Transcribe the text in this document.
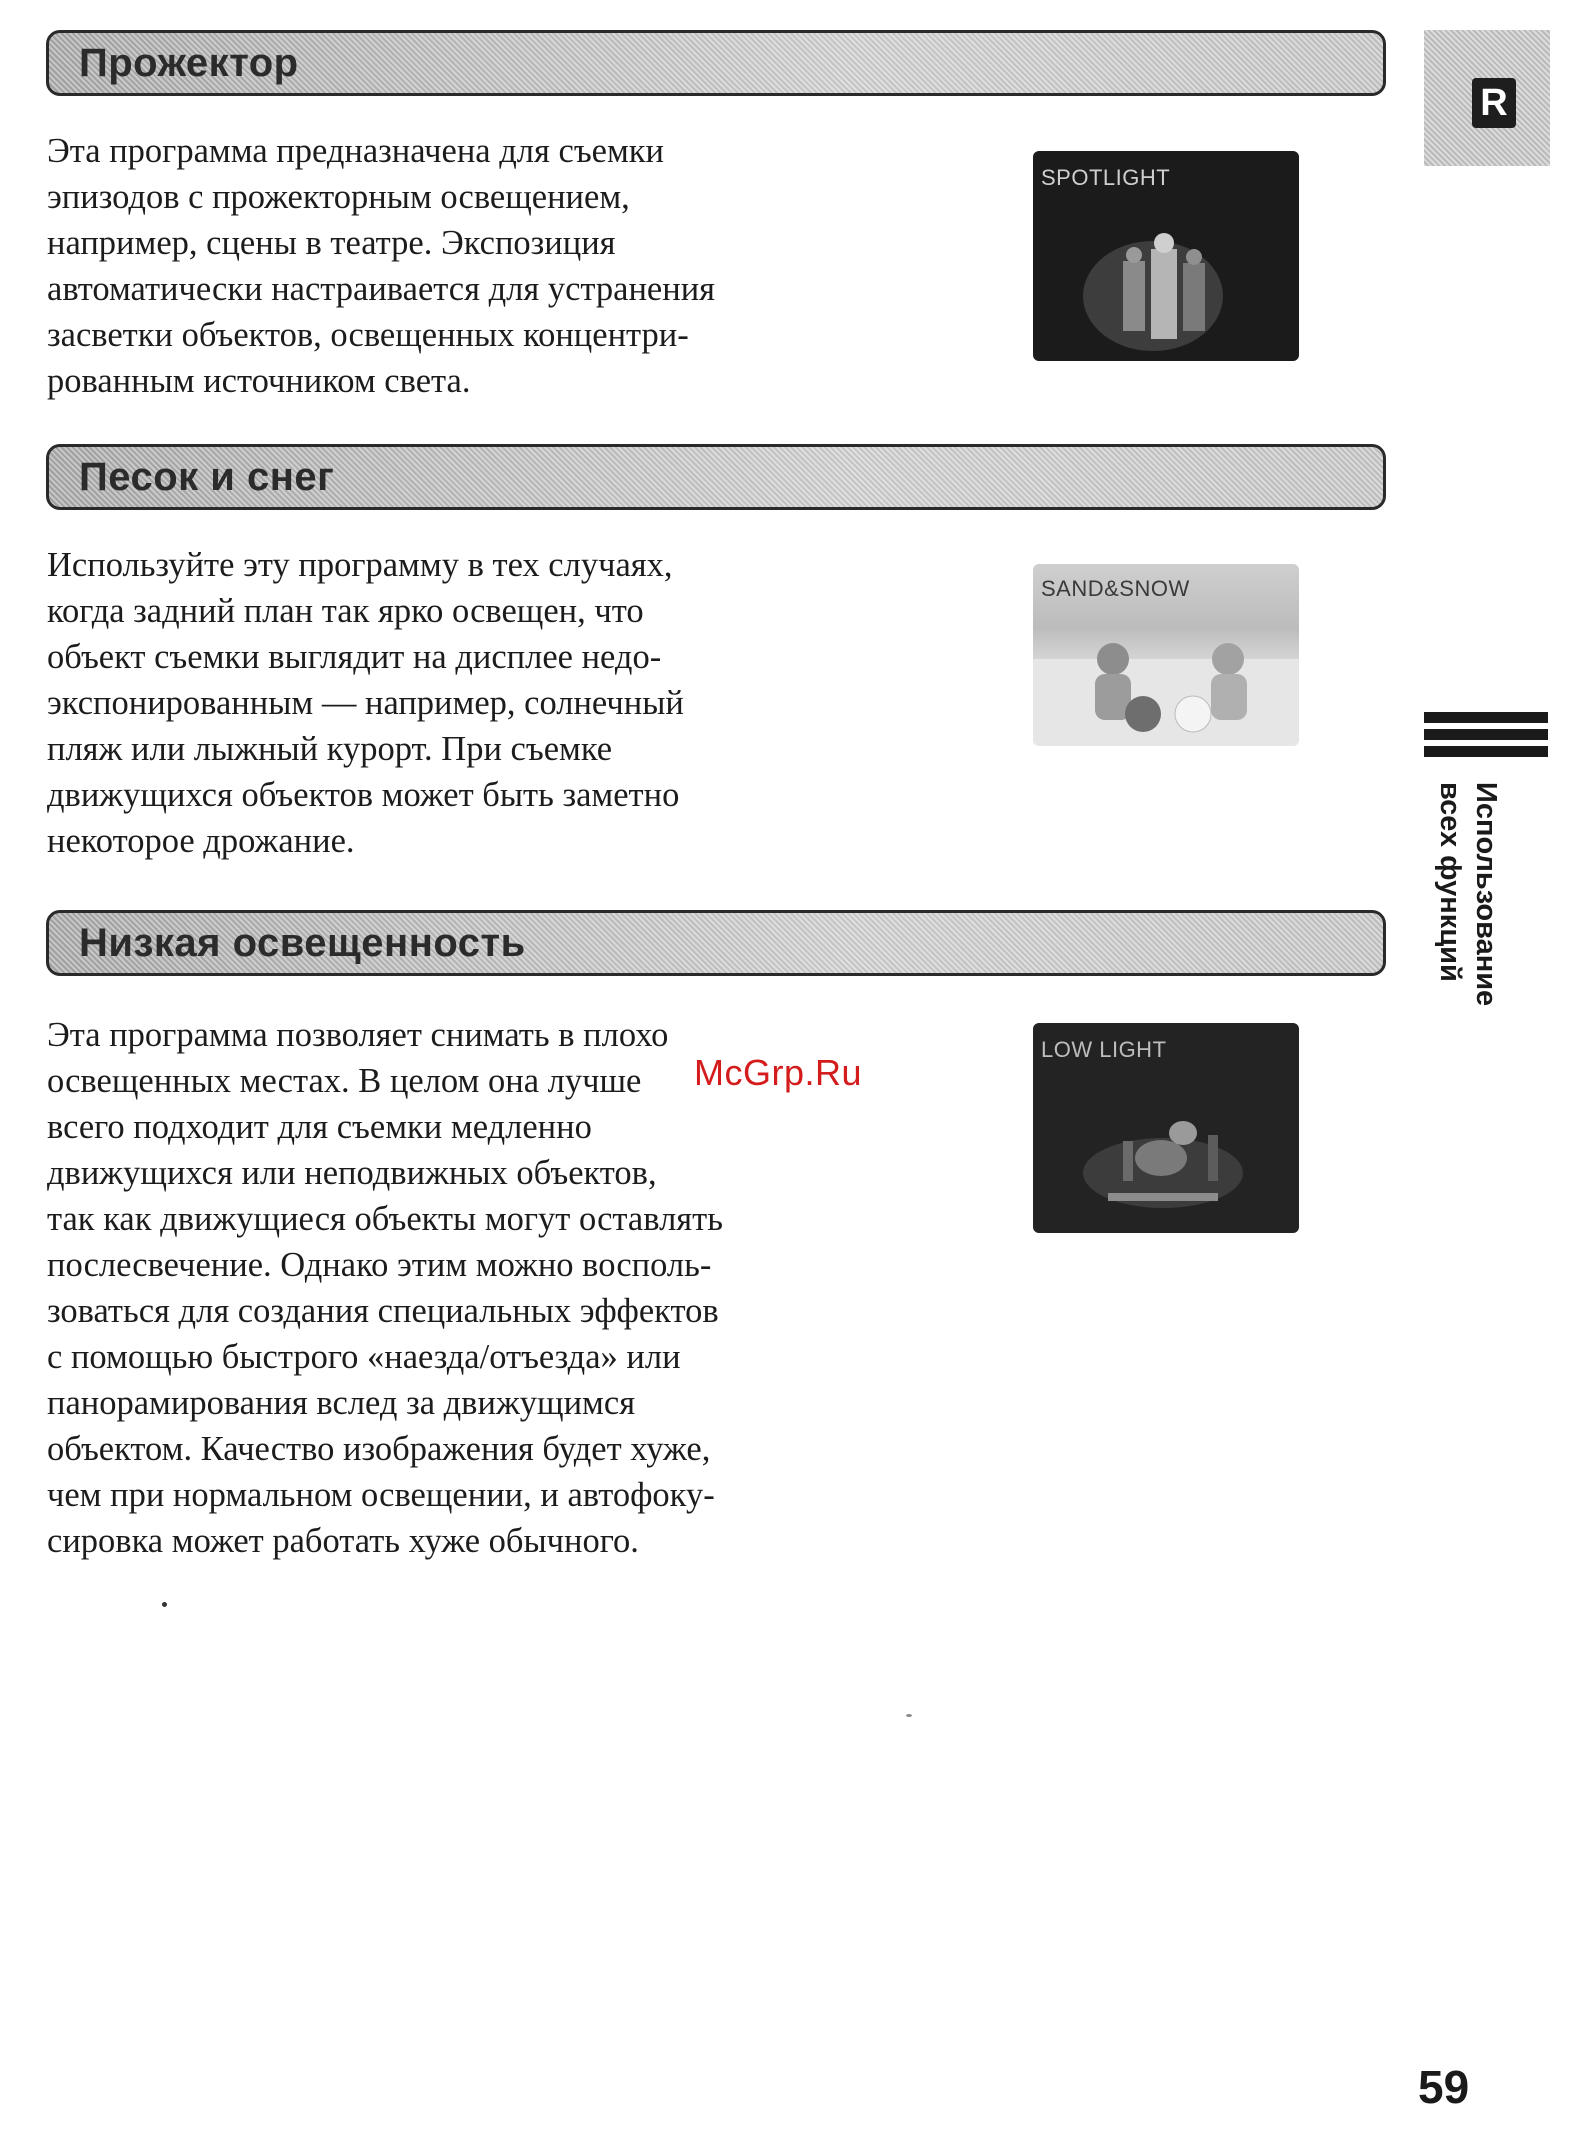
R
Прожектор
Эта программа предназначена для съемки
эпизодов с прожекторным освещением,
например, сцены в театре. Экспозиция
автоматически настраивается для устранения
засветки объектов, освещенных концентри-
рованным источником света.
SPOTLIGHT
Песок и снег
Используйте эту программу в тех случаях,
когда задний план так ярко освещен, что
объект съемки выглядит на дисплее недо-
экспонированным — например, солнечный
пляж или лыжный курорт. При съемке
движущихся объектов может быть заметно
некоторое дрожание.
SAND&SNOW
Низкая освещенность
Эта программа позволяет снимать в плохо
освещенных местах. В целом она лучше
всего подходит для съемки медленно
движущихся или неподвижных объектов,
так как движущиеся объекты могут оставлять
послесвечение. Однако этим можно восполь-
зоваться для создания специальных эффектов
с помощью быстрого «наезда/отъезда» или
панорамирования вслед за движущимся
объектом. Качество изображения будет хуже,
чем при нормальном освещении, и автофоку-
сировка может работать хуже обычного.
LOW LIGHT
Использование
всех функций
McGrp.Ru
59
